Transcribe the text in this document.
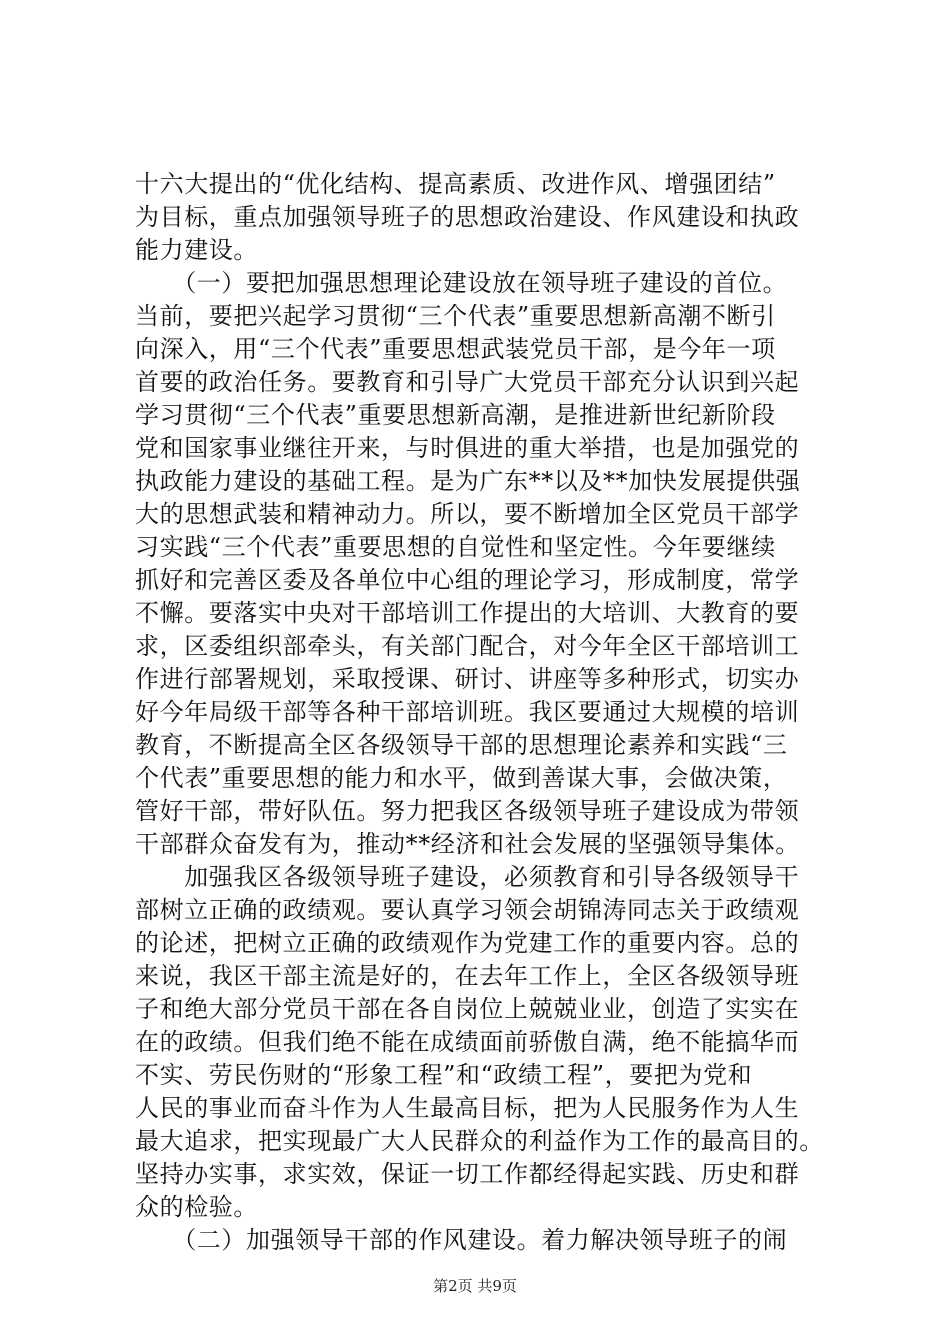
十六大提出的“优化结构、提高素质、改进作风、增强团结”
为目标，重点加强领导班子的思想政治建设、作风建设和执政
能力建设。
　　（一）要把加强思想理论建设放在领导班子建设的首位。
当前，要把兴起学习贯彻“三个代表”重要思想新高潮不断引
向深入，用“三个代表”重要思想武装党员干部，是今年一项
首要的政治任务。要教育和引导广大党员干部充分认识到兴起
学习贯彻“三个代表”重要思想新高潮，是推进新世纪新阶段
党和国家事业继往开来，与时俱进的重大举措，也是加强党的
执政能力建设的基础工程。是为广东**以及**加快发展提供强
大的思想武装和精神动力。所以，要不断增加全区党员干部学
习实践“三个代表”重要思想的自觉性和坚定性。今年要继续
抓好和完善区委及各单位中心组的理论学习，形成制度，常学
不懈。要落实中央对干部培训工作提出的大培训、大教育的要
求，区委组织部牵头，有关部门配合，对今年全区干部培训工
作进行部署规划，采取授课、研讨、讲座等多种形式，切实办
好今年局级干部等各种干部培训班。我区要通过大规模的培训
教育，不断提高全区各级领导干部的思想理论素养和实践“三
个代表”重要思想的能力和水平，做到善谋大事，会做决策，
管好干部，带好队伍。努力把我区各级领导班子建设成为带领
干部群众奋发有为，推动**经济和社会发展的坚强领导集体。
　　加强我区各级领导班子建设，必须教育和引导各级领导干
部树立正确的政绩观。要认真学习领会胡锦涛同志关于政绩观
的论述，把树立正确的政绩观作为党建工作的重要内容。总的
来说，我区干部主流是好的，在去年工作上，全区各级领导班
子和绝大部分党员干部在各自岗位上兢兢业业，创造了实实在
在的政绩。但我们绝不能在成绩面前骄傲自满，绝不能搞华而
不实、劳民伤财的“形象工程”和“政绩工程”，要把为党和
人民的事业而奋斗作为人生最高目标，把为人民服务作为人生
最大追求，把实现最广大人民群众的利益作为工作的最高目的。
坚持办实事，求实效，保证一切工作都经得起实践、历史和群
众的检验。
　　（二）加强领导干部的作风建设。着力解决领导班子的闹
第2页 共9页
